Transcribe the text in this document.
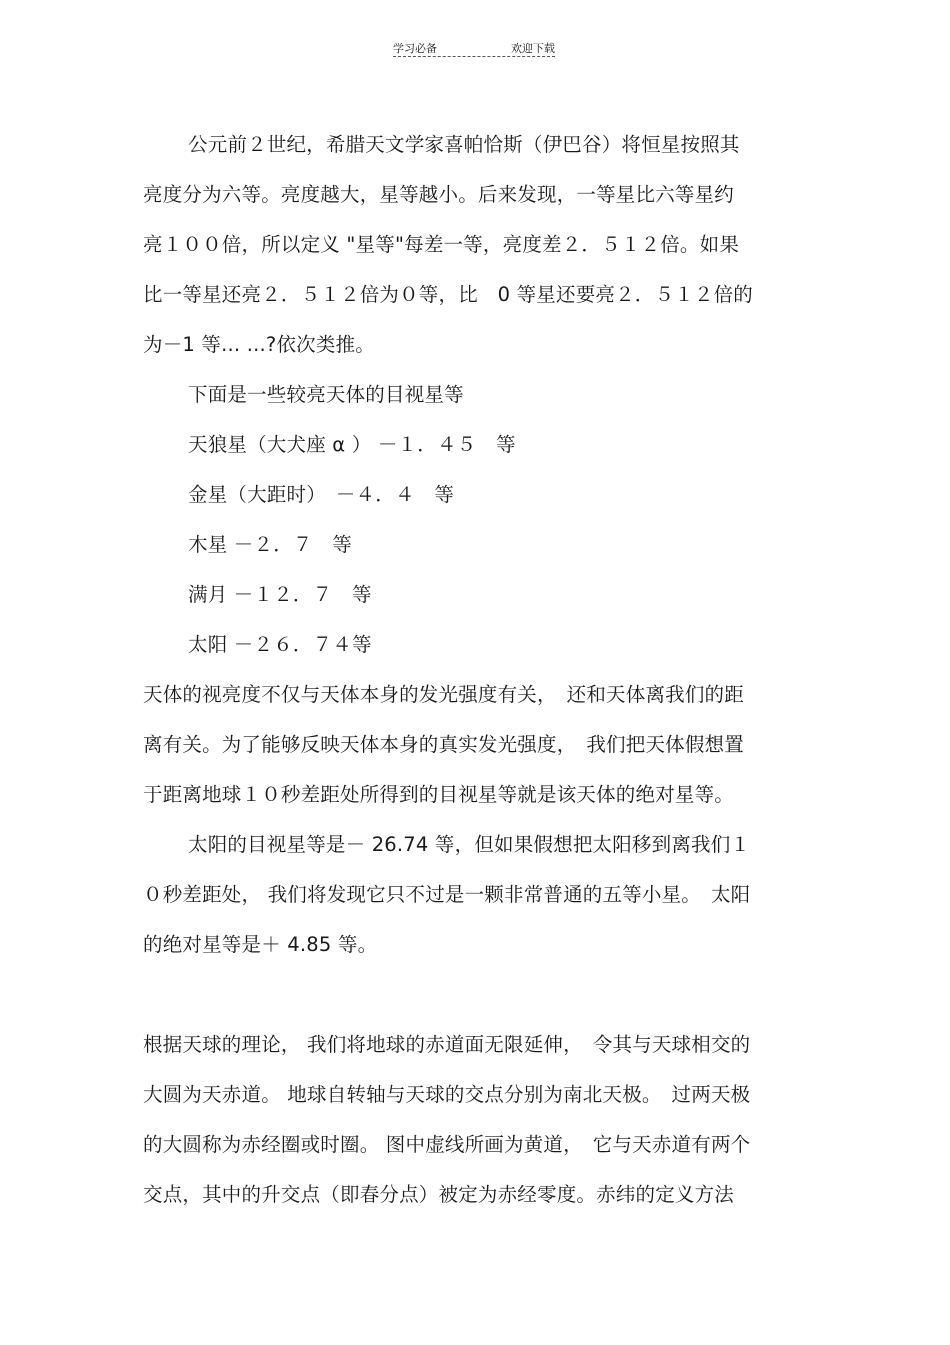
学习必备	欢迎下载
公元前２世纪，希腊天文学家喜帕恰斯（伊巴谷）将恒星按照其
亮度分为六等。亮度越大，星等越小。后来发现，一等星比六等星约
亮１００倍，所以定义 "星等"每差一等，亮度差２．５１２倍。如果
比一等星还亮２．５１２倍为０等，比　0 等星还要亮２．５１２倍的
为－1 等... ...?依次类推。
下面是一些较亮天体的目视星等
天狼星（大犬座 α ） －１．４５　等
金星（大距时）　－４．４　等
木星 －２．７　等
满月 －１２．７　等
太阳 －２６．７４等
天体的视亮度不仅与天体本身的发光强度有关，　还和天体离我们的距
离有关。为了能够反映天体本身的真实发光强度，　我们把天体假想置
于距离地球１０秒差距处所得到的目视星等就是该天体的绝对星等。
太阳的目视星等是－ 26.74 等，但如果假想把太阳移到离我们１
０秒差距处， 我们将发现它只不过是一颗非常普通的五等小星。　太阳
的绝对星等是＋ 4.85 等。
根据天球的理论， 我们将地球的赤道面无限延伸，　令其与天球相交的
大圆为天赤道。 地球自转轴与天球的交点分别为南北天极。　过两天极
的大圆称为赤经圈或时圈。 图中虚线所画为黄道，　它与天赤道有两个
交点，其中的升交点（即春分点）被定为赤经零度。赤纬的定义方法
